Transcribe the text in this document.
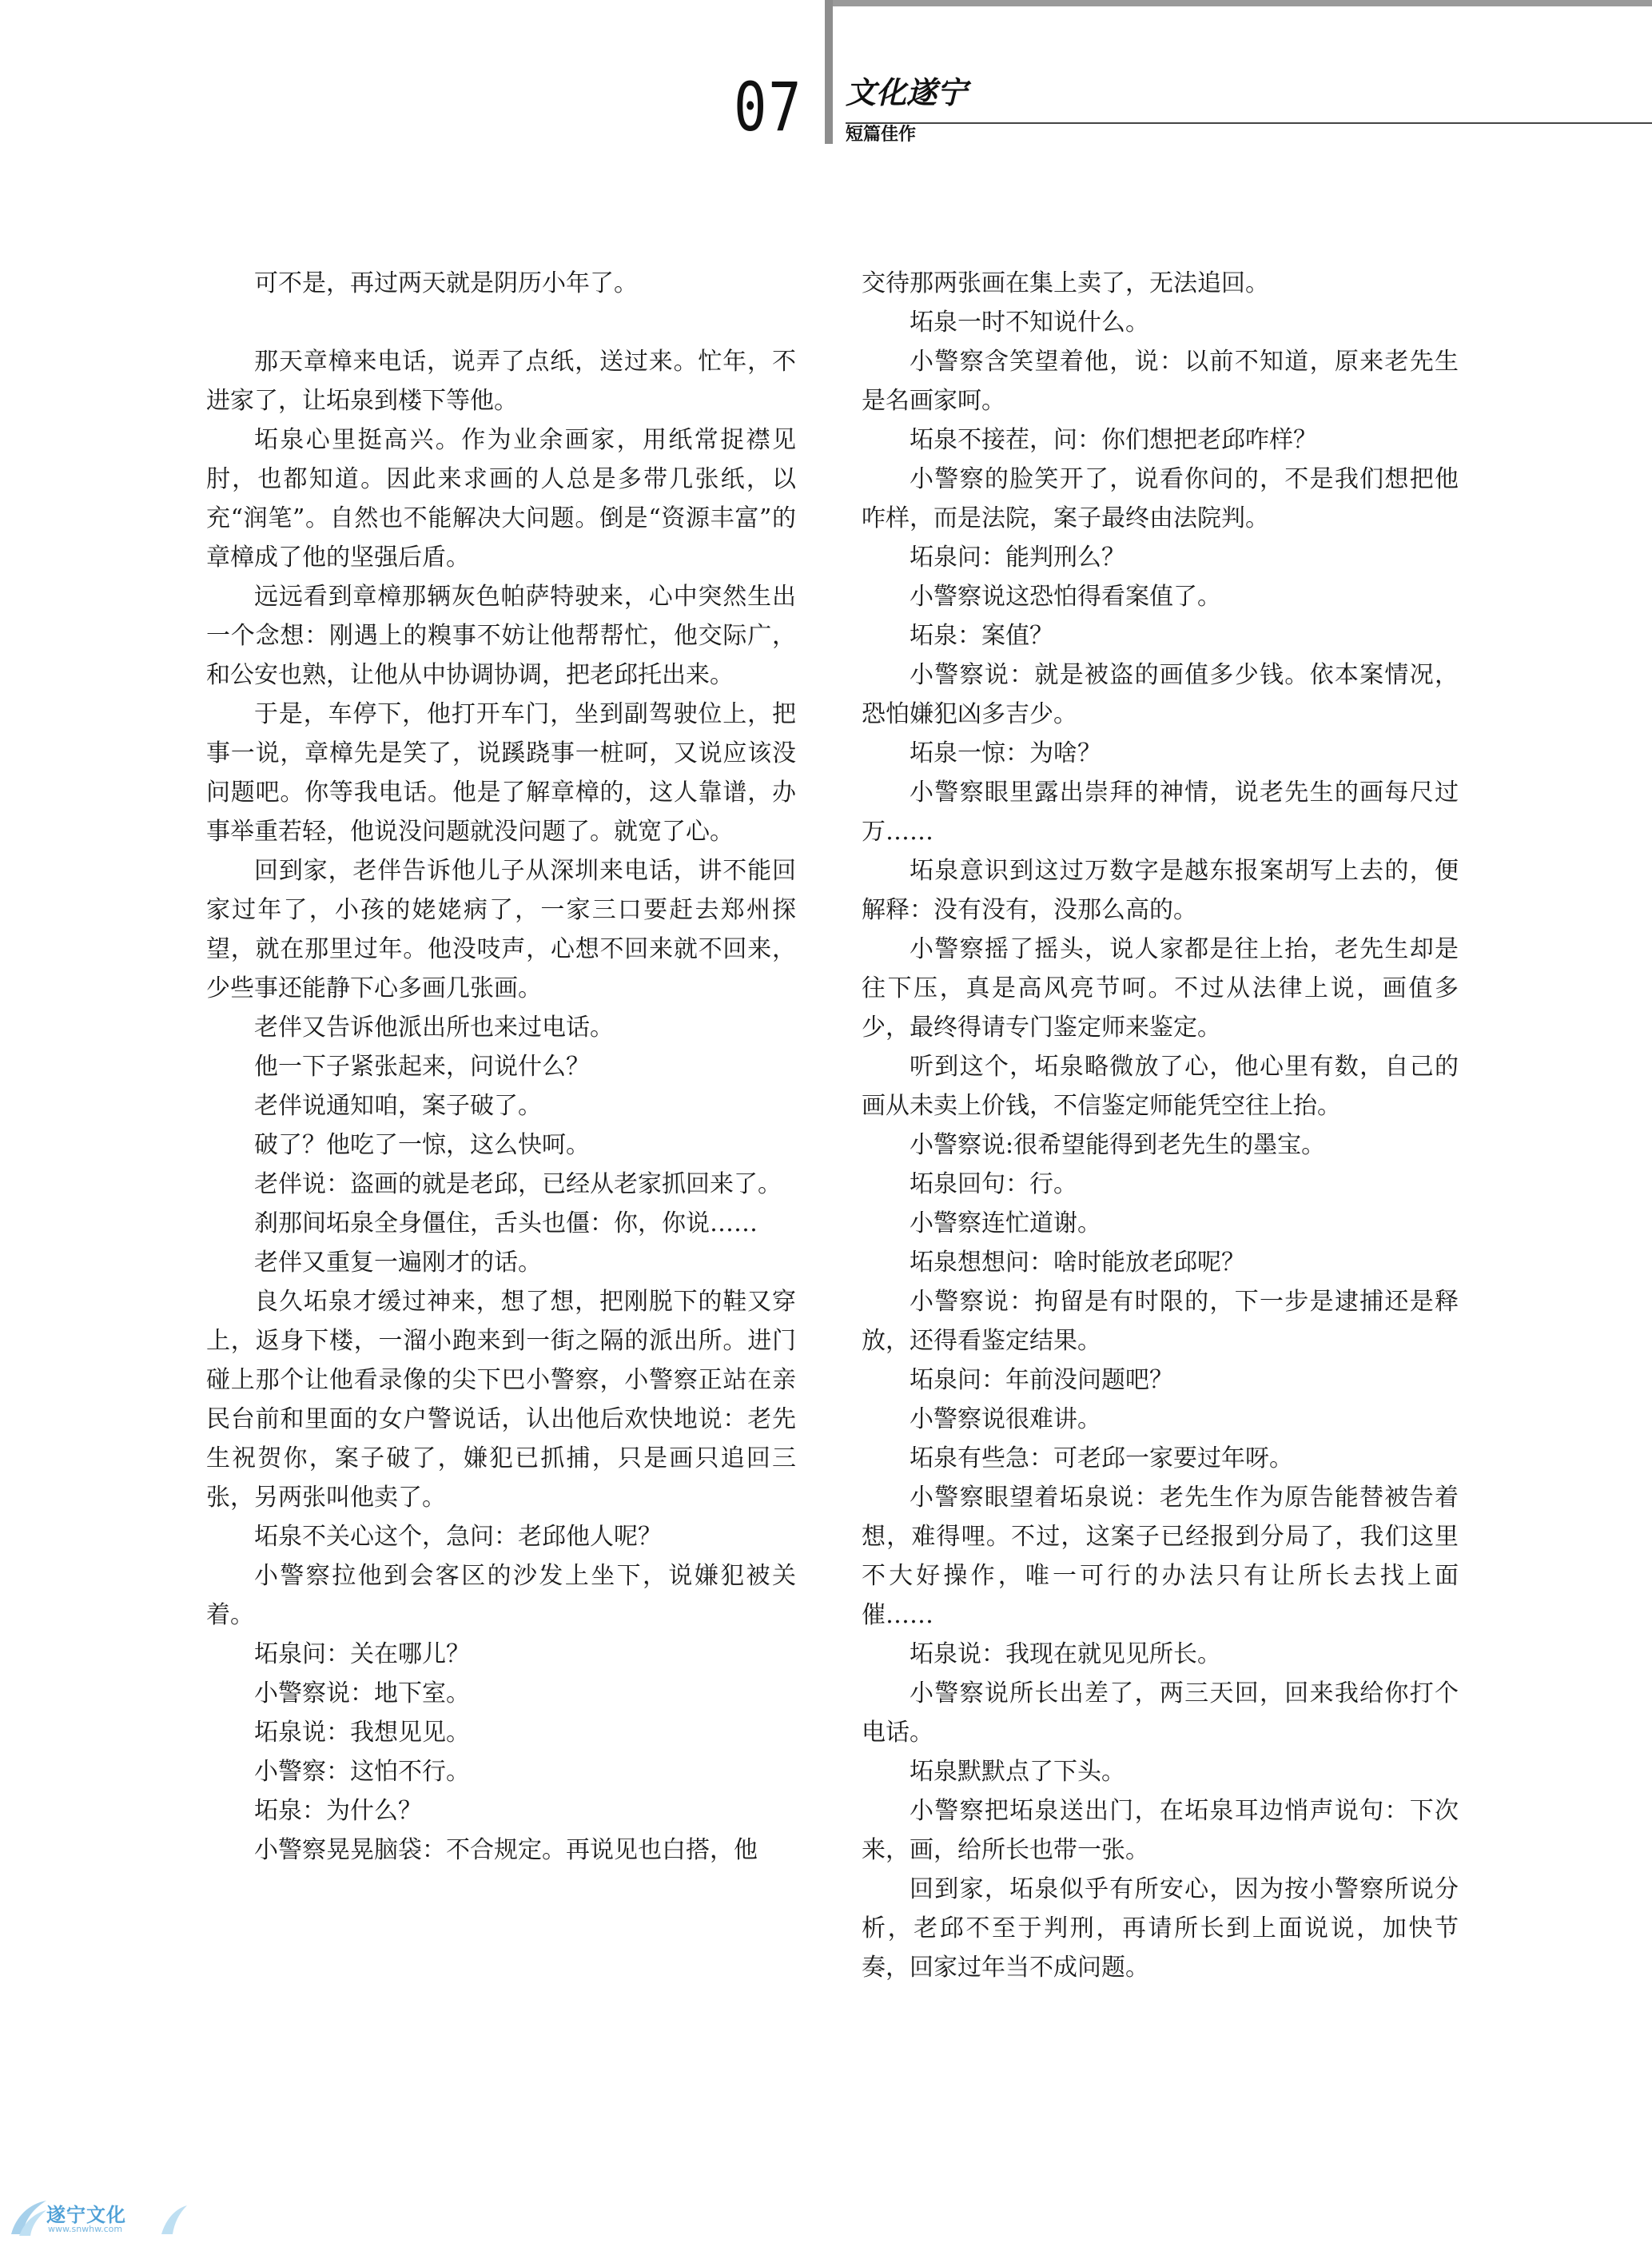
07 文化遂宁
短篇佳作

可不是，再过两天就是阴历小年了。

那天章樟来电话，说弄了点纸，送过来。忙年，不进家了，让坧泉到楼下等他。

坧泉心里挺高兴。作为业余画家，用纸常捉襟见肘，也都知道。因此来求画的人总是多带几张纸，以充“润笔”。自然也不能解决大问题。倒是“资源丰富”的章樟成了他的坚强后盾。

远远看到章樟那辆灰色帕萨特驶来，心中突然生出一个念想：刚遇上的糗事不妨让他帮帮忙，他交际广，和公安也熟，让他从中协调协调，把老邱托出来。

于是，车停下，他打开车门，坐到副驾驶位上，把事一说，章樟先是笑了，说蹊跷事一桩呵，又说应该没问题吧。你等我电话。他是了解章樟的，这人靠谱，办事举重若轻，他说没问题就没问题了。就宽了心。

回到家，老伴告诉他儿子从深圳来电话，讲不能回家过年了，小孩的姥姥病了，一家三口要赶去郑州探望，就在那里过年。他没吱声，心想不回来就不回来，少些事还能静下心多画几张画。

老伴又告诉他派出所也来过电话。

他一下子紧张起来，问说什么？

老伴说通知咱，案子破了。

破了？他吃了一惊，这么快呵。

老伴说：盗画的就是老邱，已经从老家抓回来了。

刹那间坧泉全身僵住，舌头也僵：你，你说……

老伴又重复一遍刚才的话。

良久坧泉才缓过神来，想了想，把刚脱下的鞋又穿上，返身下楼，一溜小跑来到一街之隔的派出所。进门碰上那个让他看录像的尖下巴小警察，小警察正站在亲民台前和里面的女户警说话，认出他后欢快地说：老先生祝贺你，案子破了，嫌犯已抓捕，只是画只追回三张，另两张叫他卖了。

坧泉不关心这个，急问：老邱他人呢？

小警察拉他到会客区的沙发上坐下，说嫌犯被关着。

坧泉问：关在哪儿？

小警察说：地下室。

坧泉说：我想见见。

小警察：这怕不行。

坧泉：为什么？

小警察晃晃脑袋：不合规定。再说见也白搭，他

交待那两张画在集上卖了，无法追回。

坧泉一时不知说什么。

小警察含笑望着他，说：以前不知道，原来老先生是名画家呵。

坧泉不接茬，问：你们想把老邱咋样？

小警察的脸笑开了，说看你问的，不是我们想把他咋样，而是法院，案子最终由法院判。

坧泉问：能判刑么？

小警察说这恐怕得看案值了。

坧泉：案值？

小警察说：就是被盗的画值多少钱。依本案情况，恐怕嫌犯凶多吉少。

坧泉一惊：为啥？

小警察眼里露出崇拜的神情，说老先生的画每尺过万……

坧泉意识到这过万数字是越东报案胡写上去的，便解释：没有没有，没那么高的。

小警察摇了摇头，说人家都是往上抬，老先生却是往下压，真是高风亮节呵。不过从法律上说，画值多少，最终得请专门鉴定师来鉴定。

听到这个，坧泉略微放了心，他心里有数，自己的画从未卖上价钱，不信鉴定师能凭空往上抬。

小警察说:很希望能得到老先生的墨宝。

坧泉回句：行。

小警察连忙道谢。

坧泉想想问：啥时能放老邱呢？

小警察说：拘留是有时限的，下一步是逮捕还是释放，还得看鉴定结果。

坧泉问：年前没问题吧？

小警察说很难讲。

坧泉有些急：可老邱一家要过年呀。

小警察眼望着坧泉说：老先生作为原告能替被告着想，难得哩。不过，这案子已经报到分局了，我们这里不大好操作，唯一可行的办法只有让所长去找上面催……

坧泉说：我现在就见见所长。

小警察说所长出差了，两三天回，回来我给你打个电话。

坧泉默默点了下头。

小警察把坧泉送出门，在坧泉耳边悄声说句：下次来，画，给所长也带一张。

回到家，坧泉似乎有所安心，因为按小警察所说分析，老邱不至于判刑，再请所长到上面说说，加快节奏，回家过年当不成问题。

遂宁文化
www.snwhw.com
